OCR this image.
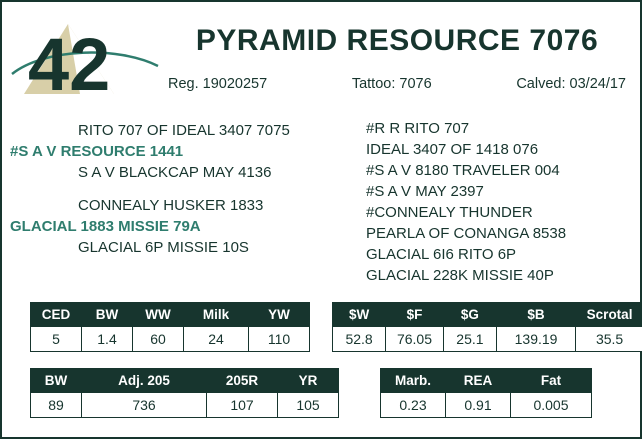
42	PYRAMID RESOURCE 7076
Reg. 19020257	Tattoo: 7076	Calved: 03/24/17
RITO 707 OF IDEAL 3407 7075
#S A V RESOURCE 1441
S A V BLACKCAP MAY 4136
CONNEALY HUSKER 1833
GLACIAL 1883 MISSIE 79A
GLACIAL 6P MISSIE 10S
#R R RITO 707
IDEAL 3407 OF 1418 076
#S A V 8180 TRAVELER 004
#S A V MAY 2397
#CONNEALY THUNDER
PEARLA OF CONANGA 8538
GLACIAL 6I6 RITO 6P
GLACIAL 228K MISSIE 40P
CED	BW	WW	Milk	YW
5	1.4	60	24	110
$W	$F	$G	$B	Scrotal
52.8	76.05	25.1	139.19	35.5
BW	Adj. 205	205R	YR
89	736	107	105
Marb.	REA	Fat
0.23	0.91	0.005
